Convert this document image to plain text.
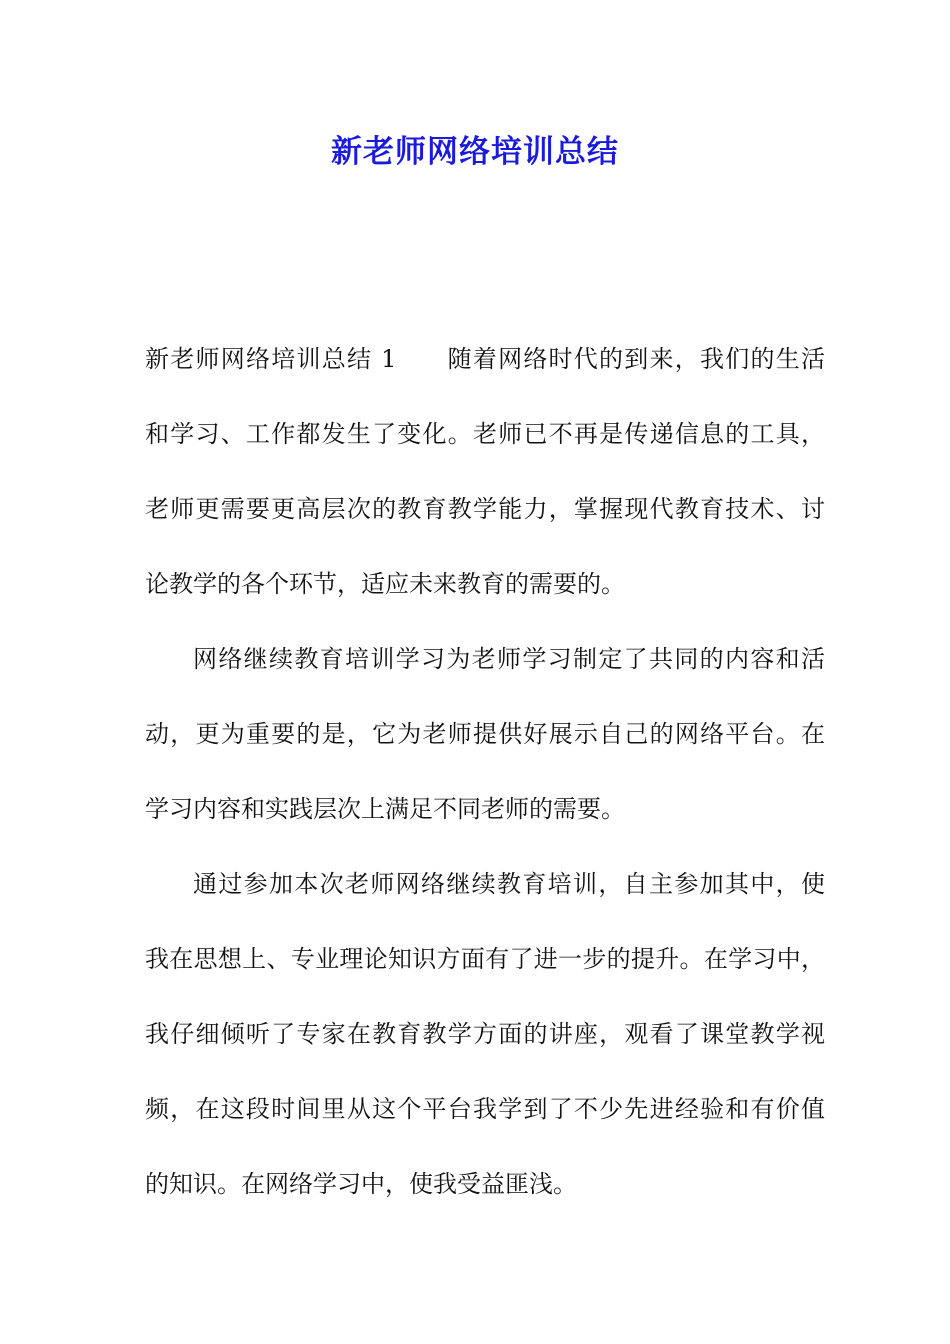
新老师网络培训总结
新老师网络培训总结 1 随着网络时代的到来，我们的生活
和学习、工作都发生了变化。老师已不再是传递信息的工具，
老师更需要更高层次的教育教学能力，掌握现代教育技术、讨
论教学的各个环节，适应未来教育的需要的。
网络继续教育培训学习为老师学习制定了共同的内容和活
动，更为重要的是，它为老师提供好展示自己的网络平台。在
学习内容和实践层次上满足不同老师的需要。
通过参加本次老师网络继续教育培训，自主参加其中，使
我在思想上、专业理论知识方面有了进一步的提升。在学习中，
我仔细倾听了专家在教育教学方面的讲座，观看了课堂教学视
频，在这段时间里从这个平台我学到了不少先进经验和有价值
的知识。在网络学习中，使我受益匪浅。
